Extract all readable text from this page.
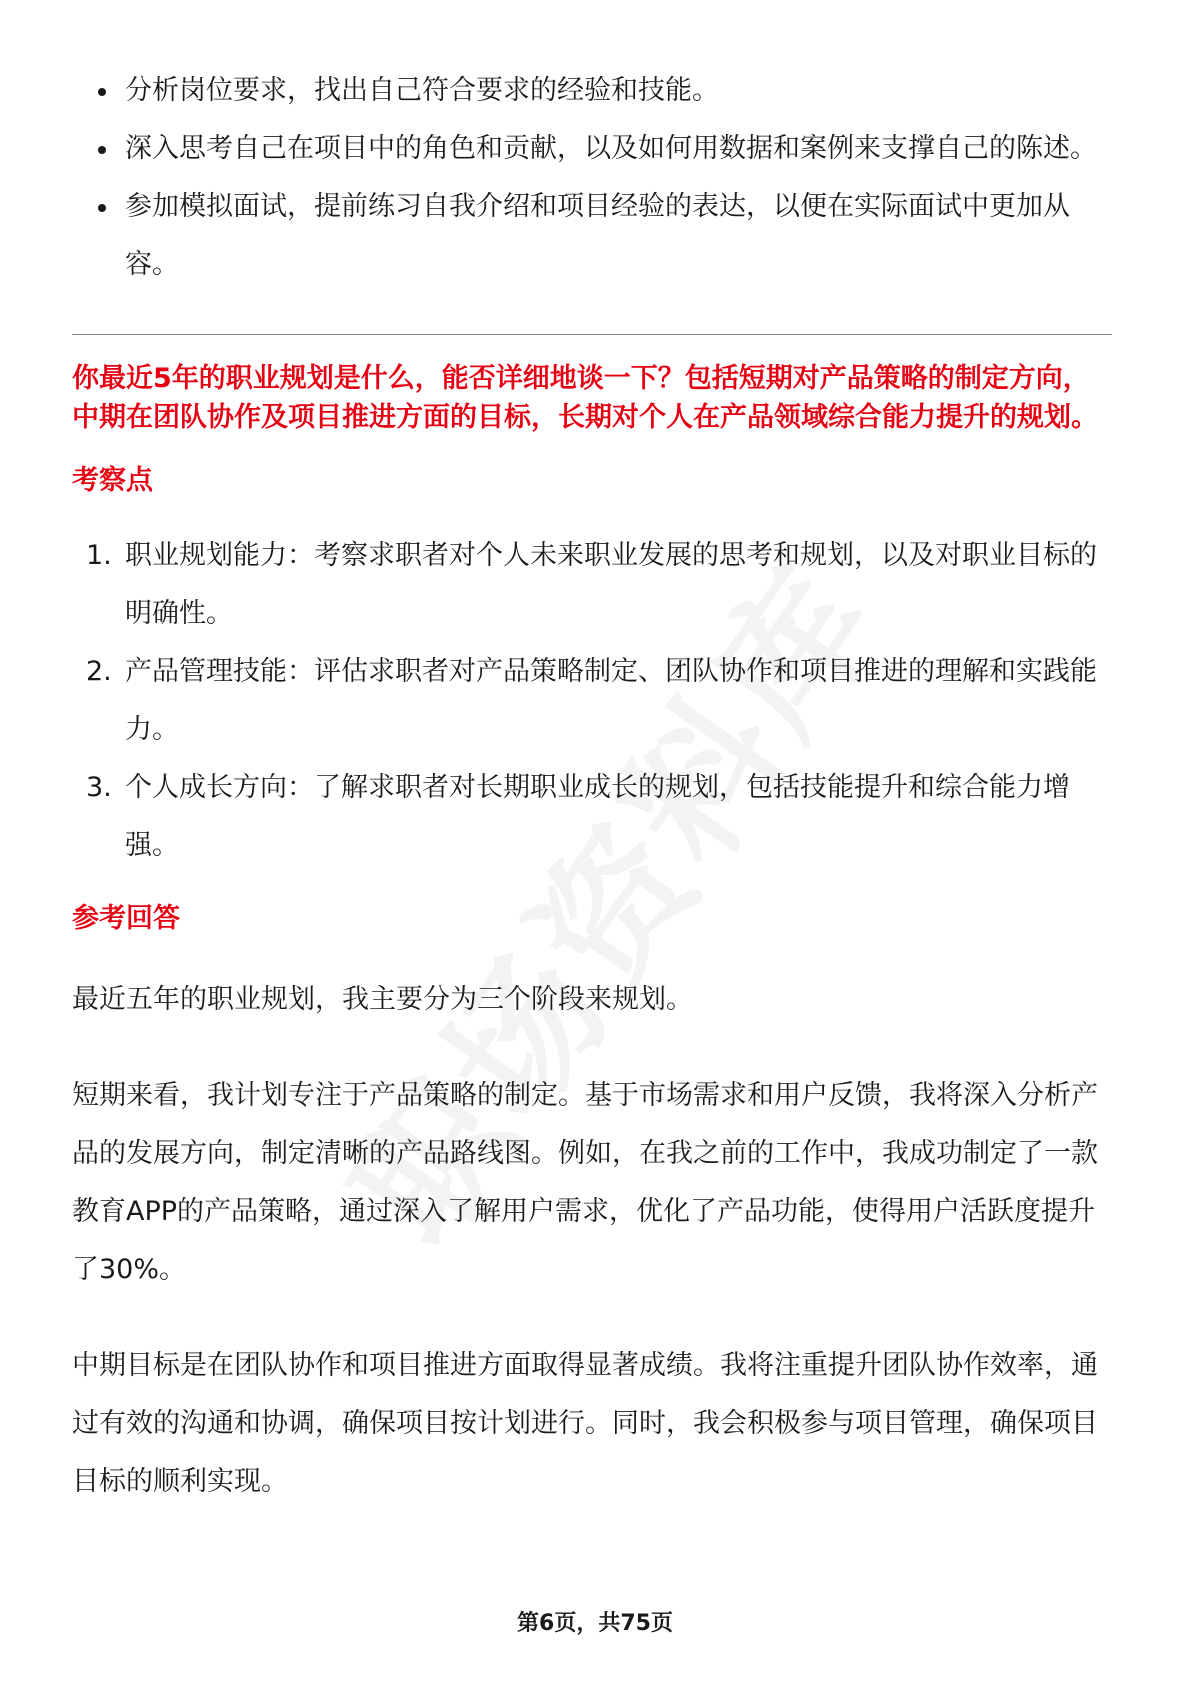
分析岗位要求，找出自己符合要求的经验和技能。
深入思考自己在项目中的角色和贡献，以及如何用数据和案例来支撑自己的陈述。
参加模拟面试，提前练习自我介绍和项目经验的表达，以便在实际面试中更加从容。

你最近5年的职业规划是什么，能否详细地谈一下？包括短期对产品策略的制定方向，中期在团队协作及项目推进方面的目标，长期对个人在产品领域综合能力提升的规划。

考察点
1. 职业规划能力：考察求职者对个人未来职业发展的思考和规划，以及对职业目标的明确性。
2. 产品管理技能：评估求职者对产品策略制定、团队协作和项目推进的理解和实践能力。
3. 个人成长方向：了解求职者对长期职业成长的规划，包括技能提升和综合能力增强。
参考回答

最近五年的职业规划，我主要分为三个阶段来规划。

短期来看，我计划专注于产品策略的制定。基于市场需求和用户反馈，我将深入分析产品的发展方向，制定清晰的产品路线图。例如，在我之前的工作中，我成功制定了一款教育APP的产品策略，通过深入了解用户需求，优化了产品功能，使得用户活跃度提升了30%。

中期目标是在团队协作和项目推进方面取得显著成绩。我将注重提升团队协作效率，通过有效的沟通和协调，确保项目按计划进行。同时，我会积极参与项目管理，确保项目目标的顺利实现。

第6页，共75页
